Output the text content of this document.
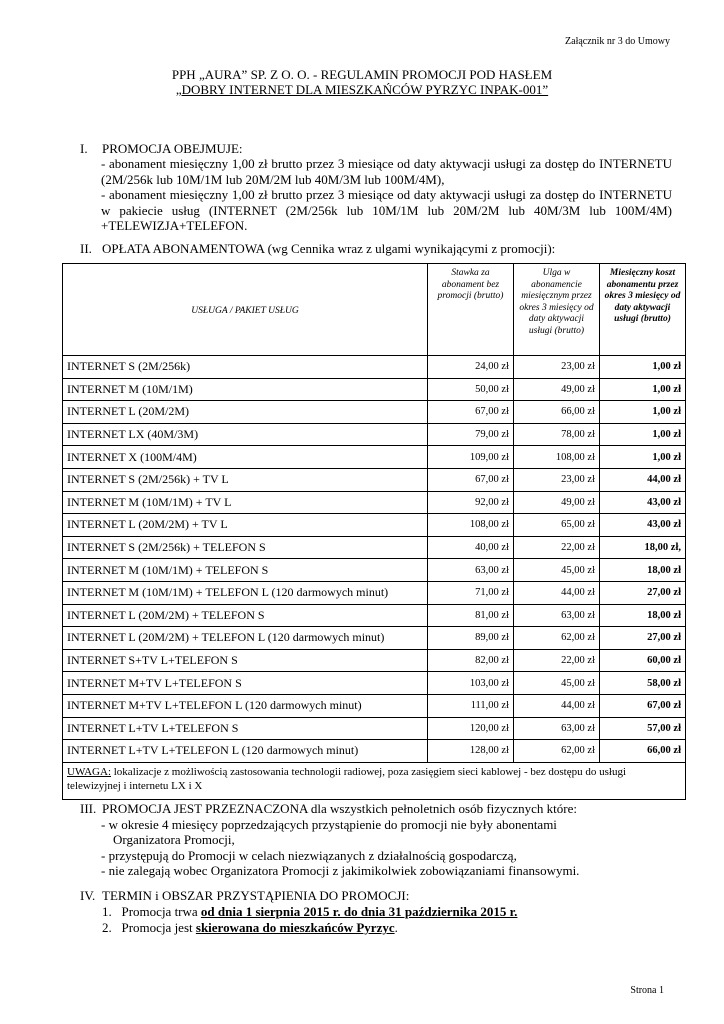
Załącznik nr 3 do Umowy
PPH „AURA” SP. Z O. O. - REGULAMIN PROMOCJI POD HASŁEM
„DOBRY INTERNET DLA MIESZKAŃCÓW PYRZYC INPAK-001”
I. PROMOCJA OBEJMUJE:
- abonament miesięczny 1,00 zł brutto przez 3 miesiące od daty aktywacji usługi za dostęp do INTERNETU (2M/256k lub 10M/1M lub 20M/2M lub 40M/3M lub 100M/4M),
- abonament miesięczny 1,00 zł brutto przez 3 miesiące od daty aktywacji usługi za dostęp do INTERNETU w pakiecie usług (INTERNET (2M/256k lub 10M/1M lub 20M/2M lub 40M/3M lub 100M/4M) +TELEWIZJA+TELEFON.
II. OPŁATA ABONAMENTOWA (wg Cennika wraz z ulgami wynikającymi z promocji):
USŁUGA / PAKIET USŁUG	Stawka za abonament bez promocji (brutto)	Ulga w abonamencie miesięcznym przez okres 3 miesięcy od daty aktywacji usługi (brutto)	Miesięczny koszt abonamentu przez okres 3 miesięcy od daty aktywacji usługi (brutto)
INTERNET S (2M/256k)	24,00 zł	23,00 zł	1,00 zł
INTERNET M (10M/1M)	50,00 zł	49,00 zł	1,00 zł
INTERNET L (20M/2M)	67,00 zł	66,00 zł	1,00 zł
INTERNET LX (40M/3M)	79,00 zł	78,00 zł	1,00 zł
INTERNET X (100M/4M)	109,00 zł	108,00 zł	1,00 zł
INTERNET S (2M/256k) + TV L	67,00 zł	23,00 zł	44,00 zł
INTERNET M (10M/1M) + TV L	92,00 zł	49,00 zł	43,00 zł
INTERNET L (20M/2M) + TV L	108,00 zł	65,00 zł	43,00 zł
INTERNET S (2M/256k) + TELEFON S	40,00 zł	22,00 zł	18,00 zł,
INTERNET M (10M/1M) + TELEFON S	63,00 zł	45,00 zł	18,00 zł
INTERNET M (10M/1M) + TELEFON L (120 darmowych minut)	71,00 zł	44,00 zł	27,00 zł
INTERNET L (20M/2M) + TELEFON S	81,00 zł	63,00 zł	18,00 zł
INTERNET L (20M/2M) + TELEFON L (120 darmowych minut)	89,00 zł	62,00 zł	27,00 zł
INTERNET S+TV L+TELEFON S	82,00 zł	22,00 zł	60,00 zł
INTERNET M+TV L+TELEFON S	103,00 zł	45,00 zł	58,00 zł
INTERNET M+TV L+TELEFON L (120 darmowych minut)	111,00 zł	44,00 zł	67,00 zł
INTERNET L+TV L+TELEFON S	120,00 zł	63,00 zł	57,00 zł
INTERNET L+TV L+TELEFON L (120 darmowych minut)	128,00 zł	62,00 zł	66,00 zł
UWAGA: lokalizacje z możliwością zastosowania technologii radiowej, poza zasięgiem sieci kablowej - bez dostępu do usługi telewizyjnej i internetu LX i X			
III. PROMOCJA JEST PRZEZNACZONA dla wszystkich pełnoletnich osób fizycznych które:
- w okresie 4 miesięcy poprzedzających przystąpienie do promocji nie były abonentami
Organizatora Promocji,
- przystępują do Promocji w celach niezwiązanych z działalnością gospodarczą,
- nie zalegają wobec Organizatora Promocji z jakimikolwiek zobowiązaniami finansowymi.
IV. TERMIN i OBSZAR PRZYSTĄPIENIA DO PROMOCJI:
1. Promocja trwa od dnia 1 sierpnia 2015 r. do dnia 31 października 2015 r.
2. Promocja jest skierowana do mieszkańców Pyrzyc.
Strona 1
